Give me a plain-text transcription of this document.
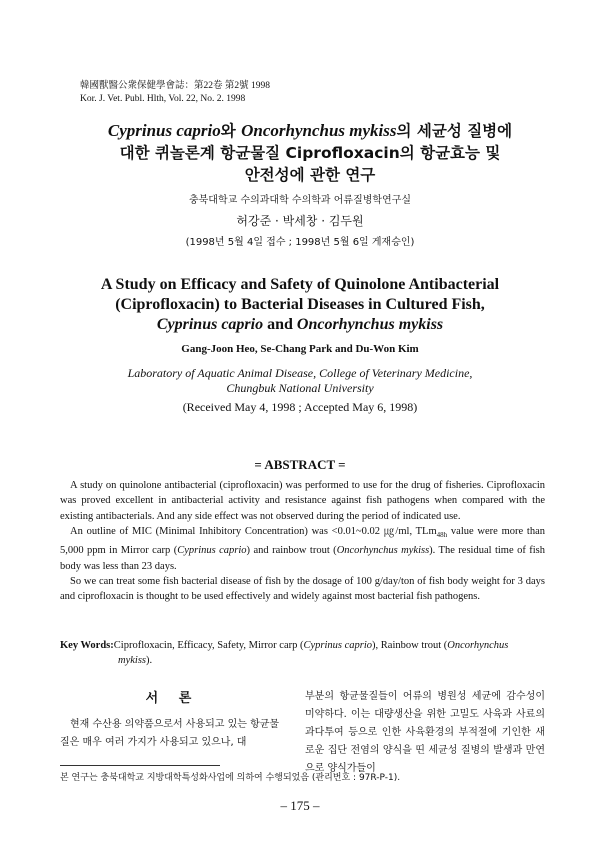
韓國獸醫公衆保健學會誌：第22卷 第2號 1998
Kor. J. Vet. Publ. Hlth, Vol. 22, No. 2. 1998
Cyprinus caprio와 Oncorhynchus mykiss의 세균성 질병에
대한 퀴놀론계 항균물질 Ciprofloxacin의 항균효능 및
안전성에 관한 연구
충북대학교 수의과대학 수의학과 어류질병학연구실
허강준 · 박세창 · 김두원
(1998년 5월 4일 접수 ; 1998년 5월 6일 게재승인)
A Study on Efficacy and Safety of Quinolone Antibacterial
(Ciprofloxacin) to Bacterial Diseases in Cultured Fish,
Cyprinus caprio and Oncorhynchus mykiss
Gang-Joon Heo, Se-Chang Park and Du-Won Kim
Laboratory of Aquatic Animal Disease, College of Veterinary Medicine,
Chungbuk National University
(Received May 4, 1998 ; Accepted May 6, 1998)
= ABSTRACT =

A study on quinolone antibacterial (ciprofloxacin) was performed to use for the drug of fisheries. Ciprofloxacin was proved excellent in antibacterial activity and resistance against fish pathogens when compared with the existing antibacterials. And any side effect was not observed during the period of indicated use.

An outline of MIC (Minimal Inhibitory Concentration) was <0.01~0.02 ㎍/ml, TLm$_{48h}$ value were more than 5,000 ppm in Mirror carp (Cyprinus caprio) and rainbow trout (Oncorhynchus mykiss). The residual time of fish body was less than 23 days.

So we can treat some fish bacterial disease of fish by the dosage of 100 g/day/ton of fish body weight for 3 days and ciprofloxacin is thought to be used effectively and widely against most bacterial fish pathogens.

Key Words:Ciprofloxacin, Efficacy, Safety, Mirror carp (Cyprinus caprio), Rainbow trout (Oncorhynchus
mykiss).
서 론

현재 수산용 의약품으로서 사용되고 있는 항균물질은 매우 여러 가지가 사용되고 있으나, 대

부분의 항균물질들이 어류의 병원성 세균에 감수성이 미약하다. 이는 대량생산을 위한 고밀도 사육과 사료의 과다투여 등으로 인한 사육환경의 부적절에 기인한 새로운 집단 전염의 양식을 띤 세균성 질병의 발생과 만연으로 양식가들이

본 연구는 충북대학교 지방대학특성화사업에 의하여 수행되었음 (관리번호 : 97R-P-1).
– 175 –
